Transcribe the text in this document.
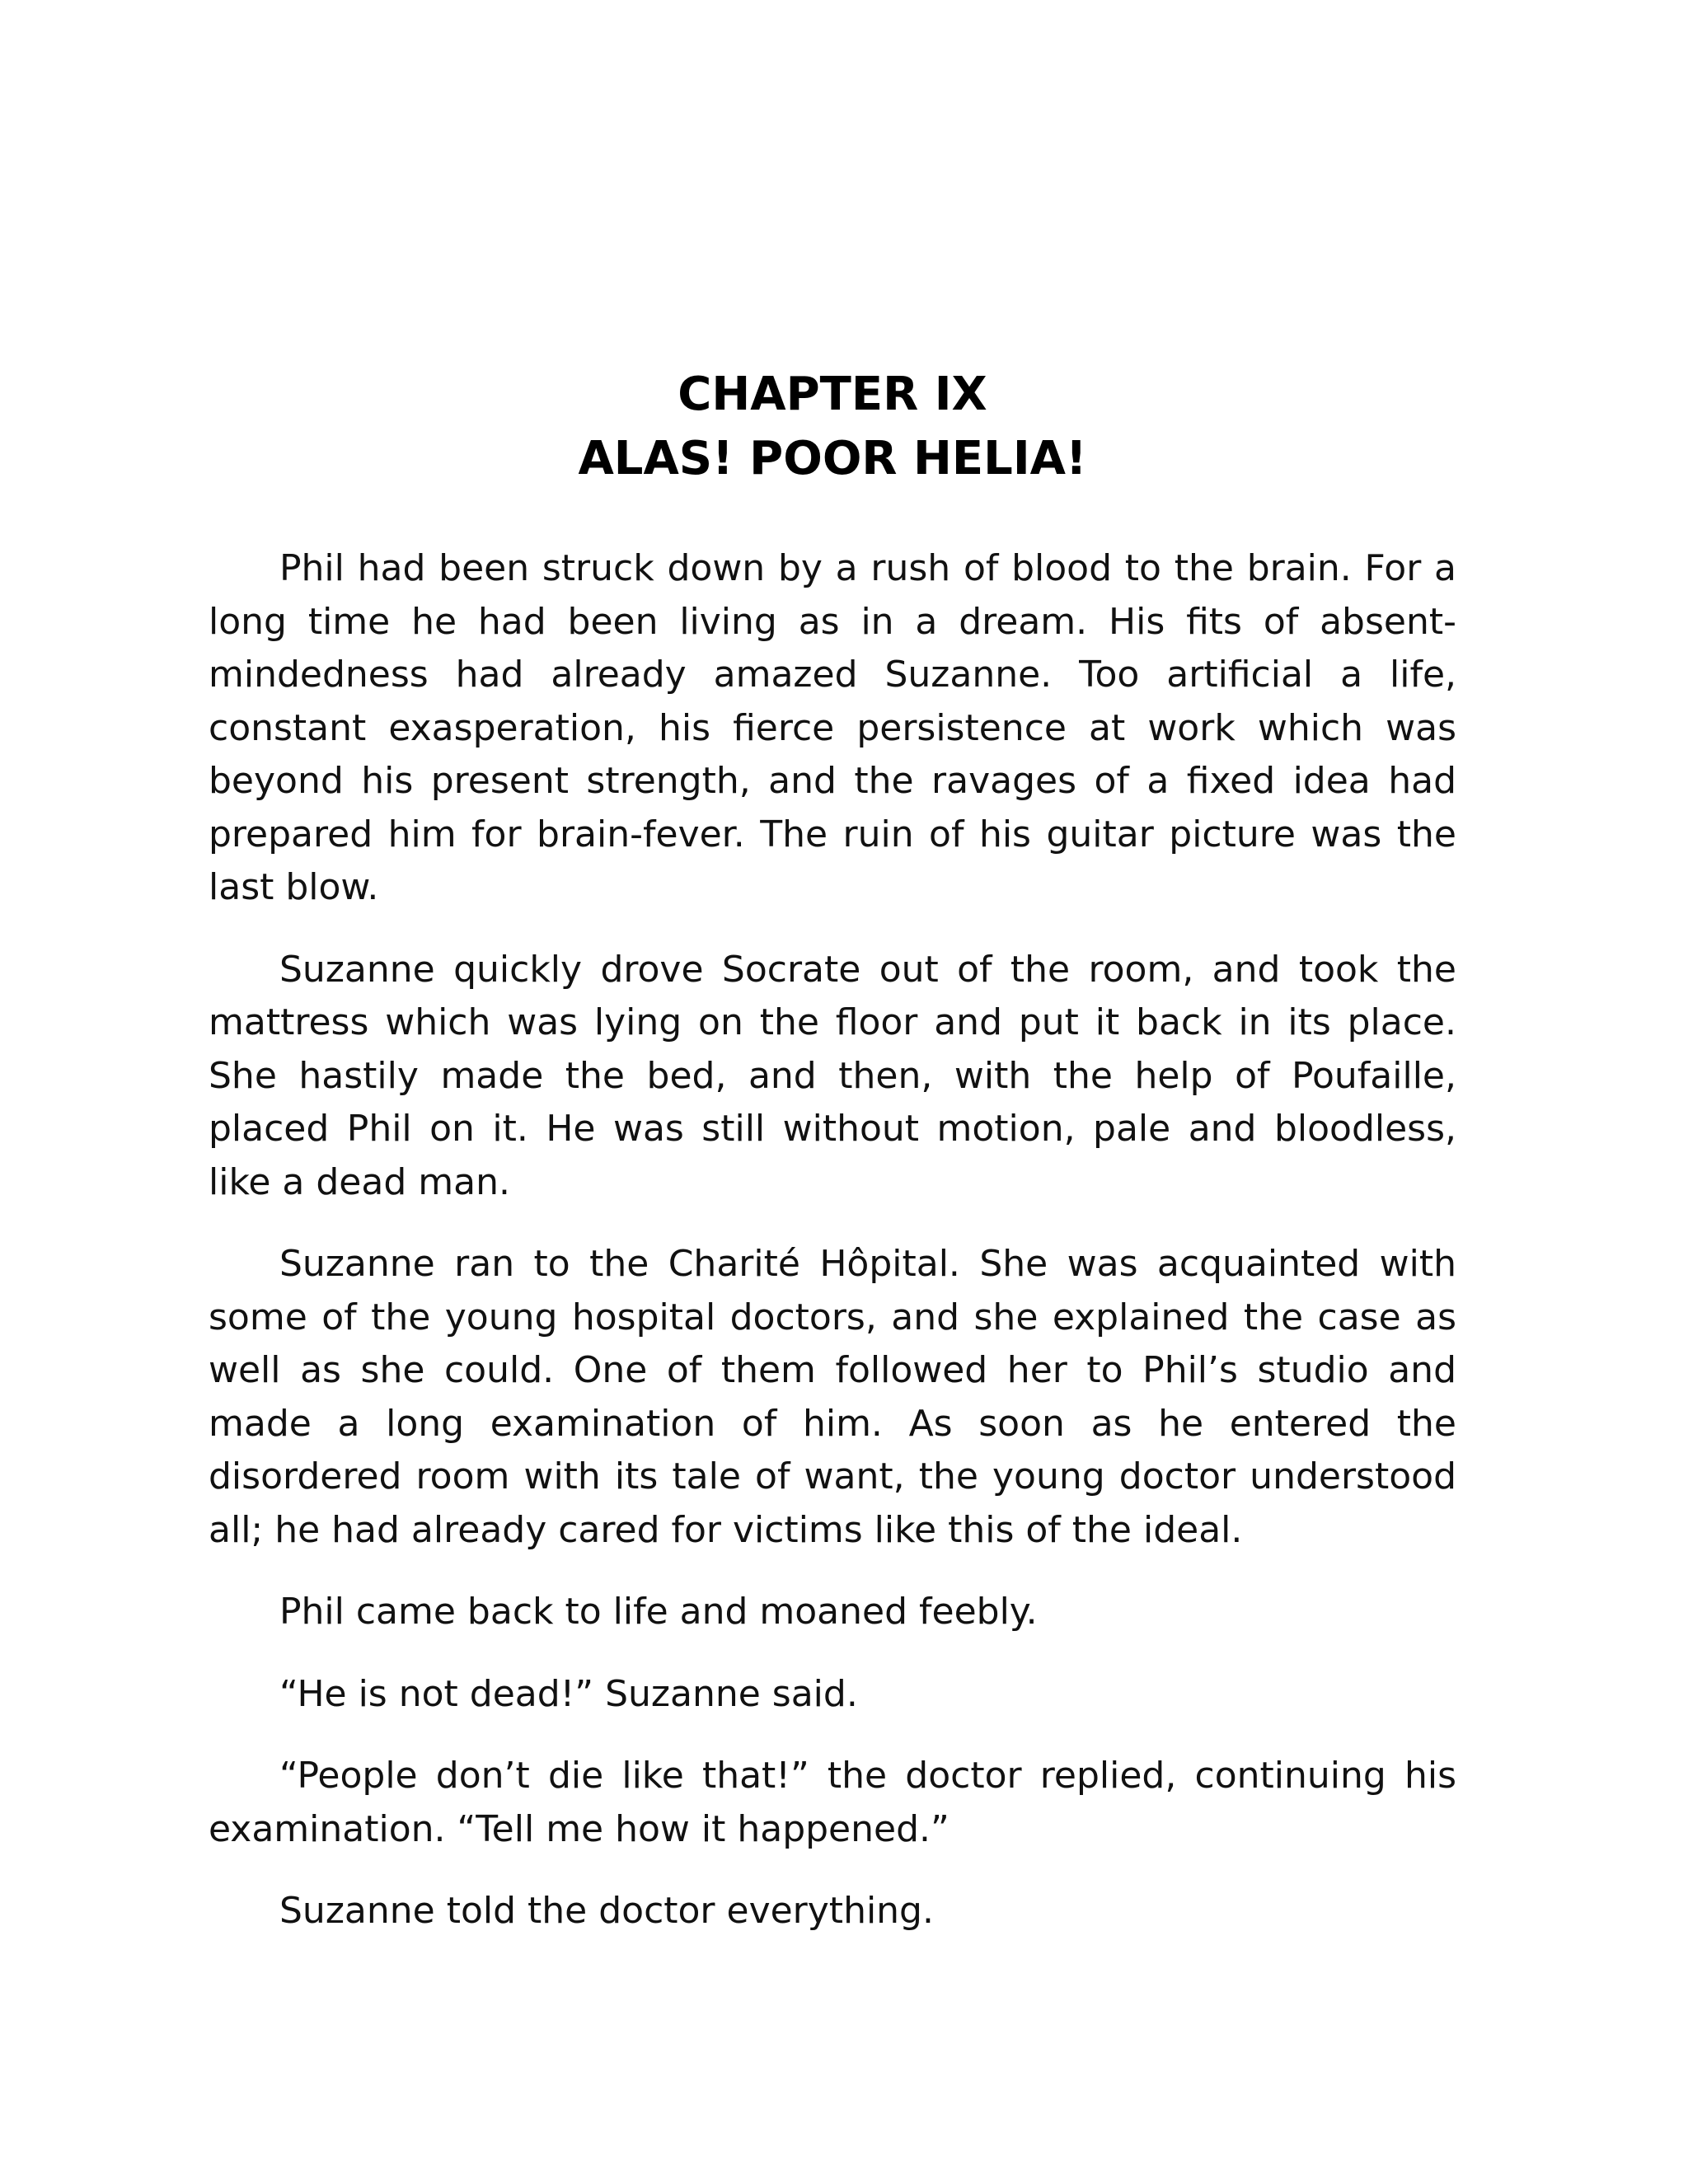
CHAPTER IX
ALAS! POOR HELIA!

Phil had been struck down by a rush of blood to the brain. For a long time he had been living as in a dream. His fits of absent-mindedness had already amazed Suzanne. Too artificial a life, constant exasperation, his fierce persistence at work which was beyond his present strength, and the ravages of a fixed idea had prepared him for brain-fever. The ruin of his guitar picture was the last blow.

Suzanne quickly drove Socrate out of the room, and took the mattress which was lying on the floor and put it back in its place. She hastily made the bed, and then, with the help of Poufaille, placed Phil on it. He was still without motion, pale and bloodless, like a dead man.

Suzanne ran to the Charité Hôpital. She was acquainted with some of the young hospital doctors, and she explained the case as well as she could. One of them followed her to Phil’s studio and made a long examination of him. As soon as he entered the disordered room with its tale of want, the young doctor understood all; he had already cared for victims like this of the ideal.

Phil came back to life and moaned feebly.

“He is not dead!” Suzanne said.

“People don’t die like that!” the doctor replied, continuing his examination. “Tell me how it happened.”

Suzanne told the doctor everything.
